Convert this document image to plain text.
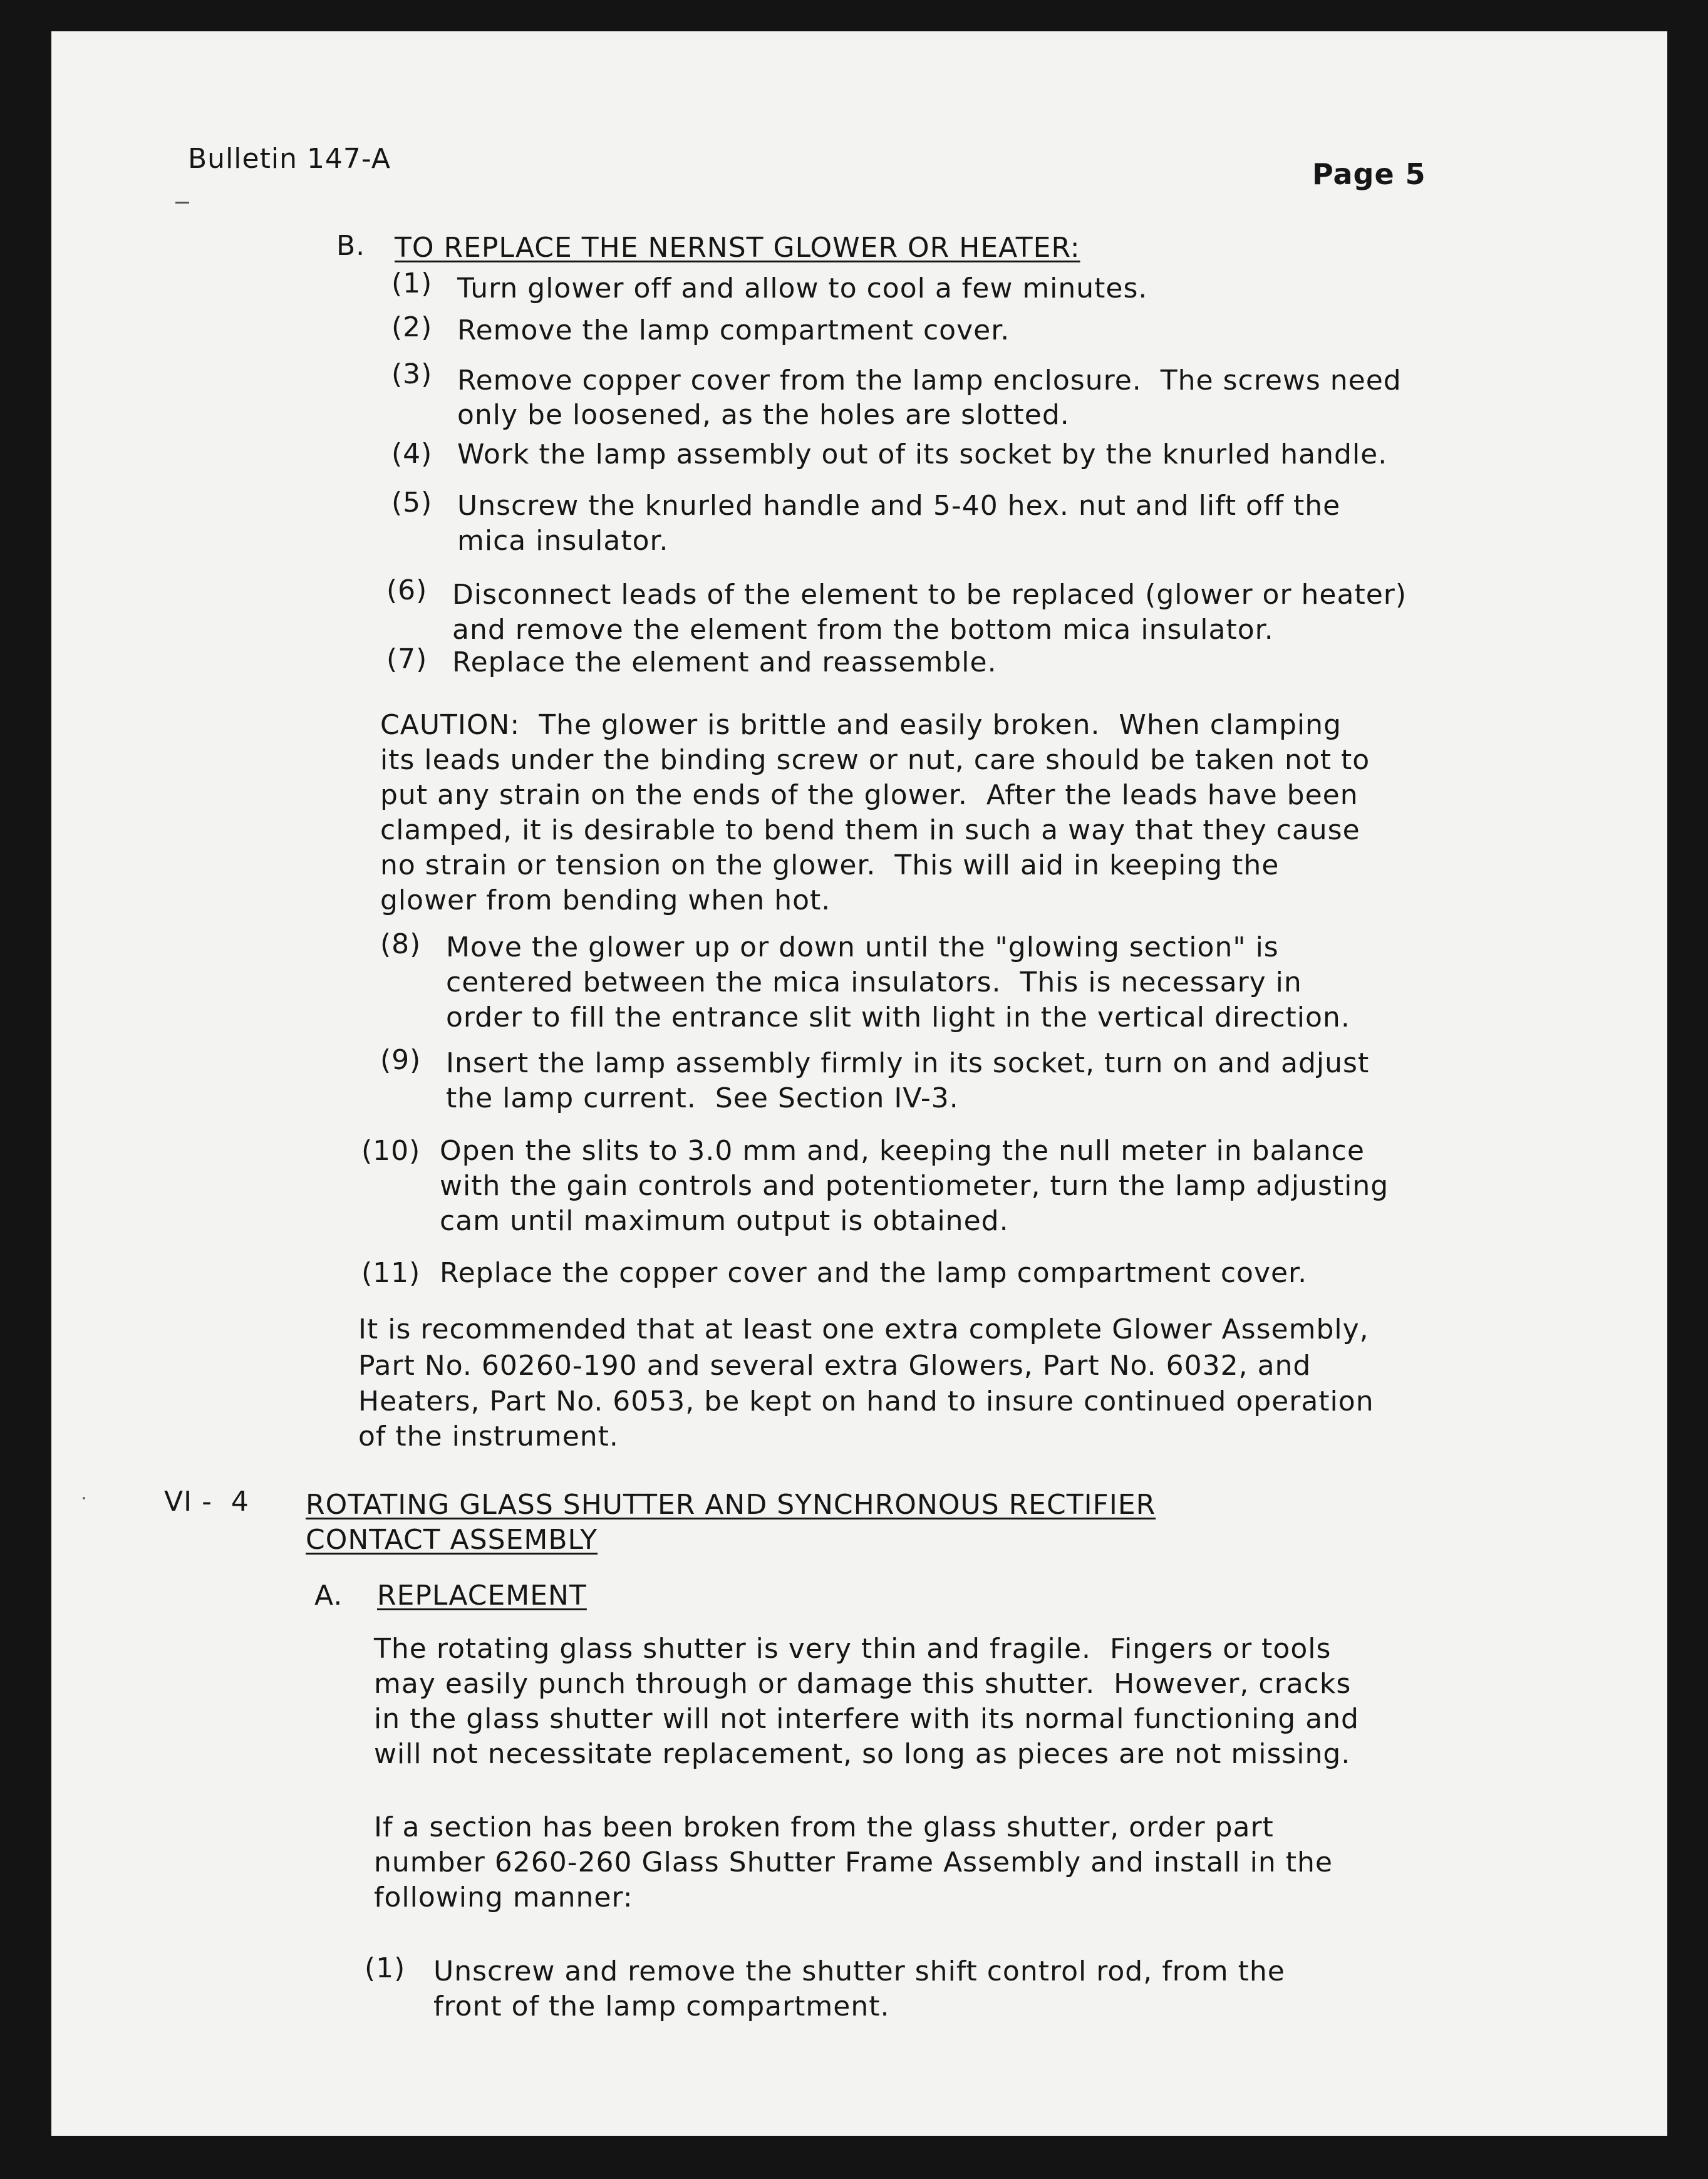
Bulletin 147-A	Page 5
B. TO REPLACE THE NERNST GLOWER OR HEATER:
(1) Turn glower off and allow to cool a few minutes.
(2) Remove the lamp compartment cover.
(3) Remove copper cover from the lamp enclosure.  The screws need
only be loosened, as the holes are slotted.
(4) Work the lamp assembly out of its socket by the knurled handle.
(5) Unscrew the knurled handle and 5-40 hex. nut and lift off the
mica insulator.
(6) Disconnect leads of the element to be replaced (glower or heater)
and remove the element from the bottom mica insulator.
(7) Replace the element and reassemble.
CAUTION:  The glower is brittle and easily broken.  When clamping
its leads under the binding screw or nut, care should be taken not to
put any strain on the ends of the glower.  After the leads have been
clamped, it is desirable to bend them in such a way that they cause
no strain or tension on the glower.  This will aid in keeping the
glower from bending when hot.
(8) Move the glower up or down until the "glowing section" is
centered between the mica insulators.  This is necessary in
order to fill the entrance slit with light in the vertical direction.
(9) Insert the lamp assembly firmly in its socket, turn on and adjust
the lamp current.  See Section IV-3.
(10) Open the slits to 3.0 mm and, keeping the null meter in balance
with the gain controls and potentiometer, turn the lamp adjusting
cam until maximum output is obtained.
(11) Replace the copper cover and the lamp compartment cover.
It is recommended that at least one extra complete Glower Assembly,
Part No. 60260-190 and several extra Glowers, Part No. 6032, and
Heaters, Part No. 6053, be kept on hand to insure continued operation
of the instrument.
VI -  4 ROTATING GLASS SHUTTER AND SYNCHRONOUS RECTIFIER
CONTACT ASSEMBLY
A. REPLACEMENT
The rotating glass shutter is very thin and fragile.  Fingers or tools
may easily punch through or damage this shutter.  However, cracks
in the glass shutter will not interfere with its normal functioning and
will not necessitate replacement, so long as pieces are not missing.
If a section has been broken from the glass shutter, order part
number 6260-260 Glass Shutter Frame Assembly and install in the
following manner:
(1) Unscrew and remove the shutter shift control rod, from the
front of the lamp compartment.
